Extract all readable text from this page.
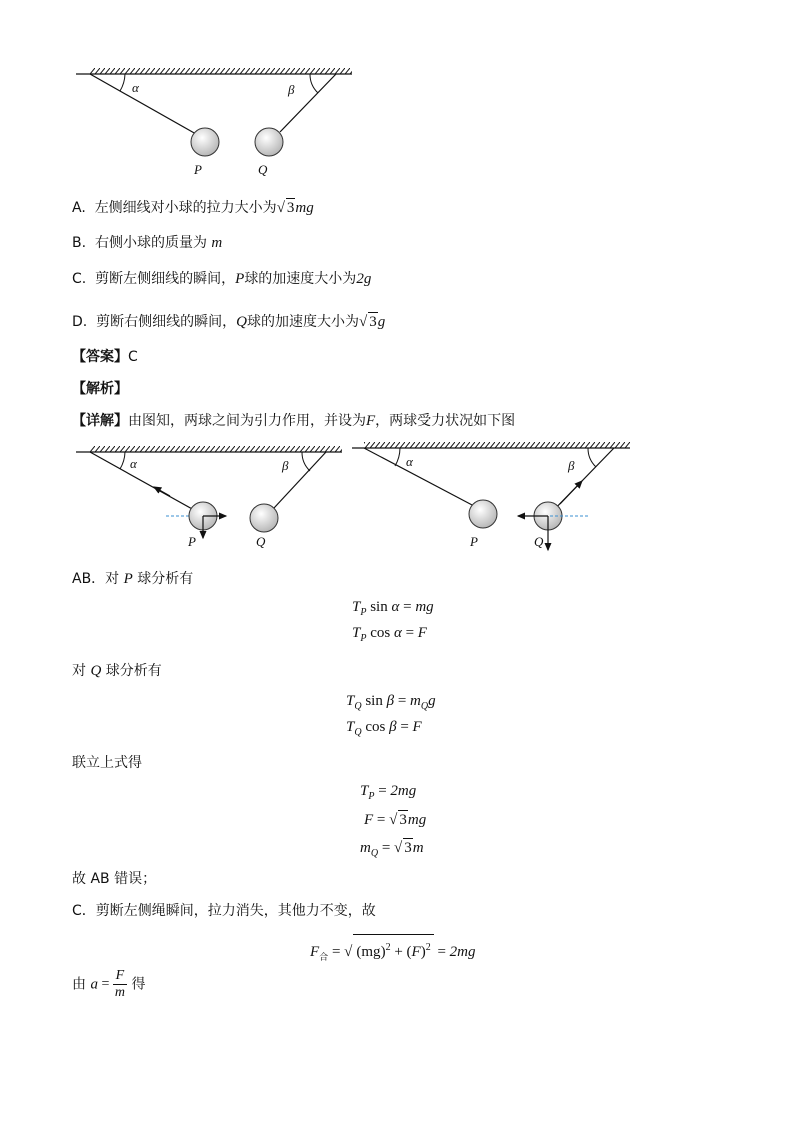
α	β
P	Q
A. 左侧细线对小球的拉力大小为√ 3mg
B. 右侧小球的质量为 m
C. 剪断左侧细线的瞬间，P球的加速度大小为2g
D. 剪断右侧细线的瞬间，Q球的加速度大小为√ 3g
【答案】C
【解析】
【详解】由图知，两球之间为引力作用，并设为F，两球受力状况如下图
α	β
P	Q
α	β
P	Q
AB．对 P 球分析有
$T_P$ sin α = mg
$T_P$ cos α = F
对 Q 球分析有
$T_Q$ $\sin \beta = m_Qg$
$T_Q$ cos β = F
联立上式得
$T_P = 2mg$
F = √ 3mg
$m_Q$ = √ 3m
故 AB 错误；
C．剪断左侧绳瞬间，拉力消失，其他力不变，故
$F_合$ = √ $(mg)^2 + (F)^2 = 2mg$
由 $a = \frac{F}{m}$ 得
